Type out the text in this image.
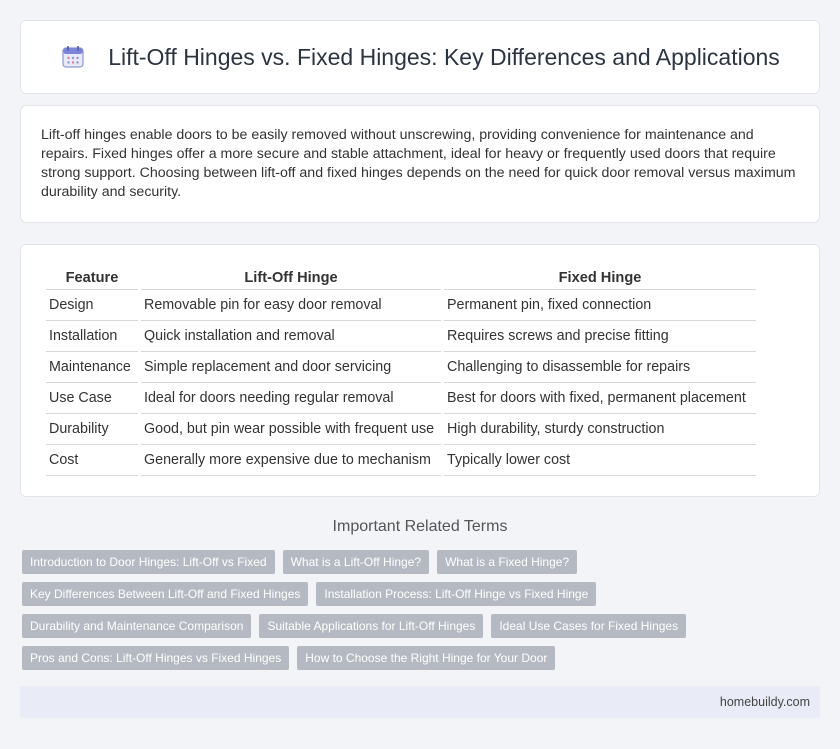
Lift-Off Hinges vs. Fixed Hinges: Key Differences and Applications

Lift-off hinges enable doors to be easily removed without unscrewing, providing convenience for maintenance and repairs. Fixed hinges offer a more secure and stable attachment, ideal for heavy or frequently used doors that require strong support. Choosing between lift-off and fixed hinges depends on the need for quick door removal versus maximum durability and security.

Feature	Lift-Off Hinge	Fixed Hinge
Design	Removable pin for easy door removal	Permanent pin, fixed connection
Installation	Quick installation and removal	Requires screws and precise fitting
Maintenance	Simple replacement and door servicing	Challenging to disassemble for repairs
Use Case	Ideal for doors needing regular removal	Best for doors with fixed, permanent placement
Durability	Good, but pin wear possible with frequent use	High durability, sturdy construction
Cost	Generally more expensive due to mechanism	Typically lower cost
Important Related Terms
Introduction to Door Hinges: Lift-Off vs Fixed	What is a Lift-Off Hinge?	What is a Fixed Hinge?
Key Differences Between Lift-Off and Fixed Hinges	Installation Process: Lift-Off Hinge vs Fixed Hinge
Durability and Maintenance Comparison	Suitable Applications for Lift-Off Hinges	Ideal Use Cases for Fixed Hinges
Pros and Cons: Lift-Off Hinges vs Fixed Hinges	How to Choose the Right Hinge for Your Door
homebuildy.com
